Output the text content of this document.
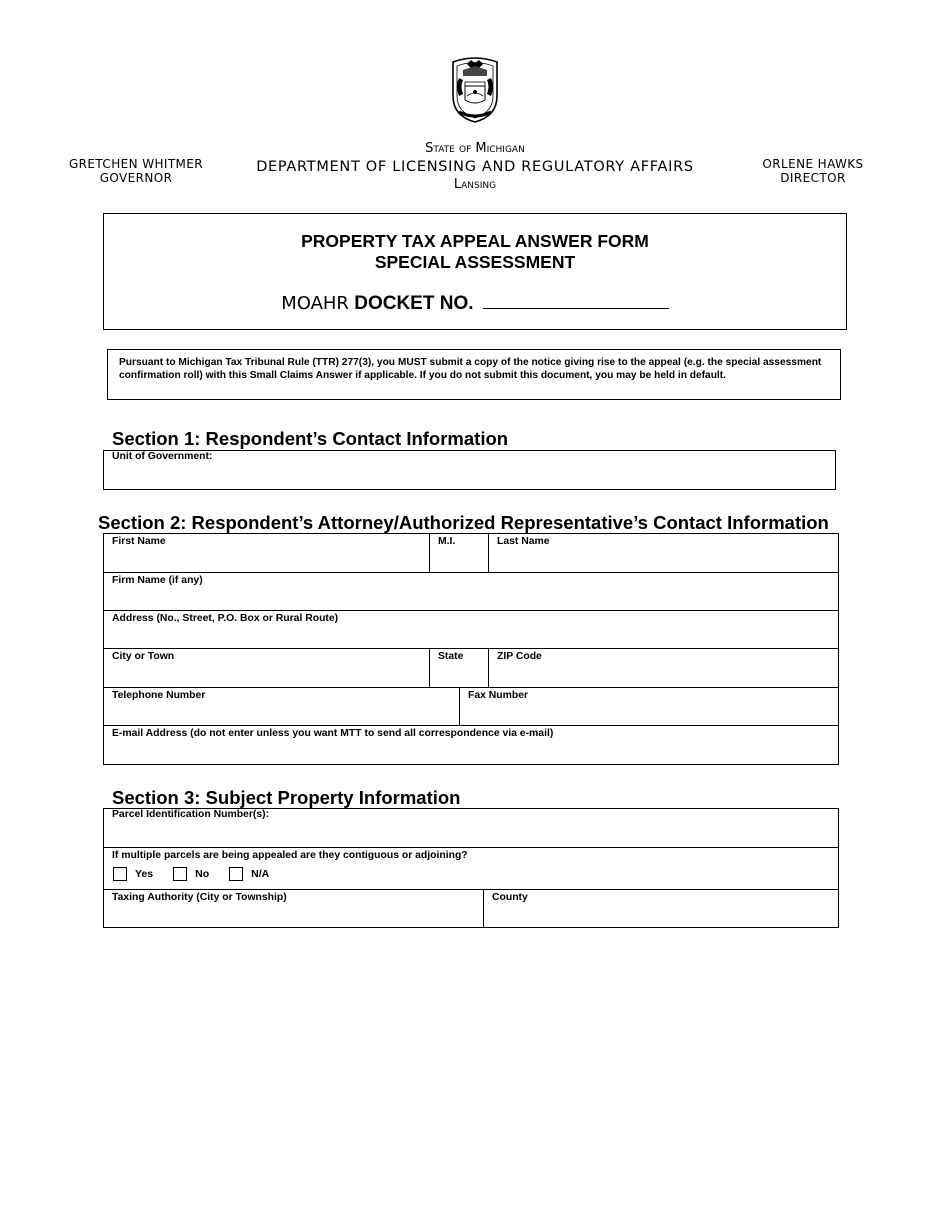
GRETCHEN WHITMER
GOVERNOR
State of Michigan
DEPARTMENT OF LICENSING AND REGULATORY AFFAIRS
Lansing
ORLENE HAWKS
DIRECTOR
PROPERTY TAX APPEAL ANSWER FORM
SPECIAL ASSESSMENT
MOAHR DOCKET NO.
Pursuant to Michigan Tax Tribunal Rule (TTR) 277(3), you MUST submit a copy of the notice giving rise to the appeal (e.g. the special assessment confirmation roll) with this Small Claims Answer if applicable. If you do not submit this document, you may be held in default.
Section 1: Respondent’s Contact Information
Unit of Government:
Section 2: Respondent’s Attorney/Authorized Representative’s Contact Information
First Name	M.I.	Last Name
Firm Name (if any)
Address (No., Street, P.O. Box or Rural Route)
City or Town	State	ZIP Code
Telephone Number	Fax Number
E-mail Address (do not enter unless you want MTT to send all correspondence via e-mail)
Section 3: Subject Property Information
Parcel Identification Number(s):
If multiple parcels are being appealed are they contiguous or adjoining?
Yes	No	N/A
Taxing Authority (City or Township)	County
